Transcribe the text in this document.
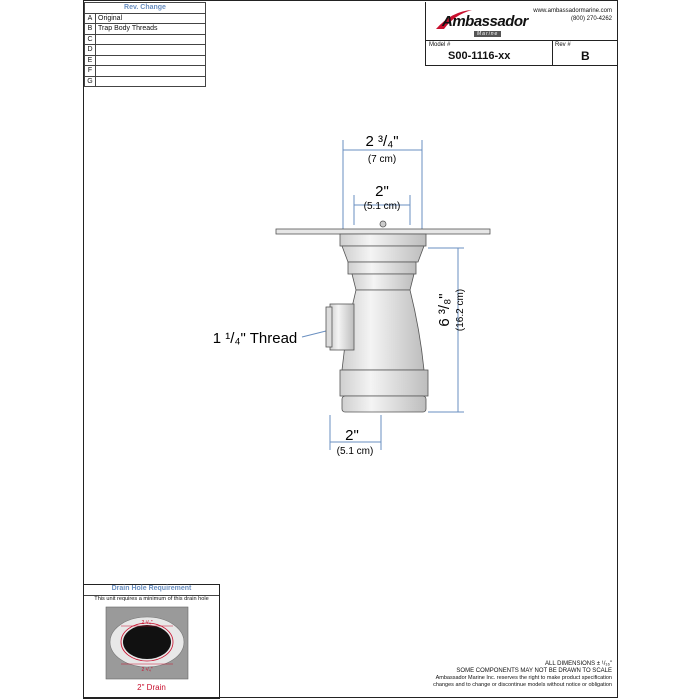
Rev. Change	
A	Original
B	Trap Body Threads
C	
D	
E	
F	
G	
Ambassador
Marine
www.ambassadormarine.com
(800) 270-4262
Model #
S00-1116-xx
Rev #
B
2 ³/₄"
(7 cm)
2"
(5.1 cm)
2"
(5.1 cm)
1 ¹/₄" Thread
6 ³/₈" (16.2 cm)
Drain Hole Requirement
This unit requires a minimum of this drain hole
2 ³/₄"
2 ¹/₄"
2" Drain
ALL DIMENSIONS ± ¹/₁₆"
SOME COMPONENTS MAY NOT BE DRAWN TO SCALE
Ambassador Marine Inc. reserves the right to make product specification
changes and to change or discontinue models without notice or obligation
